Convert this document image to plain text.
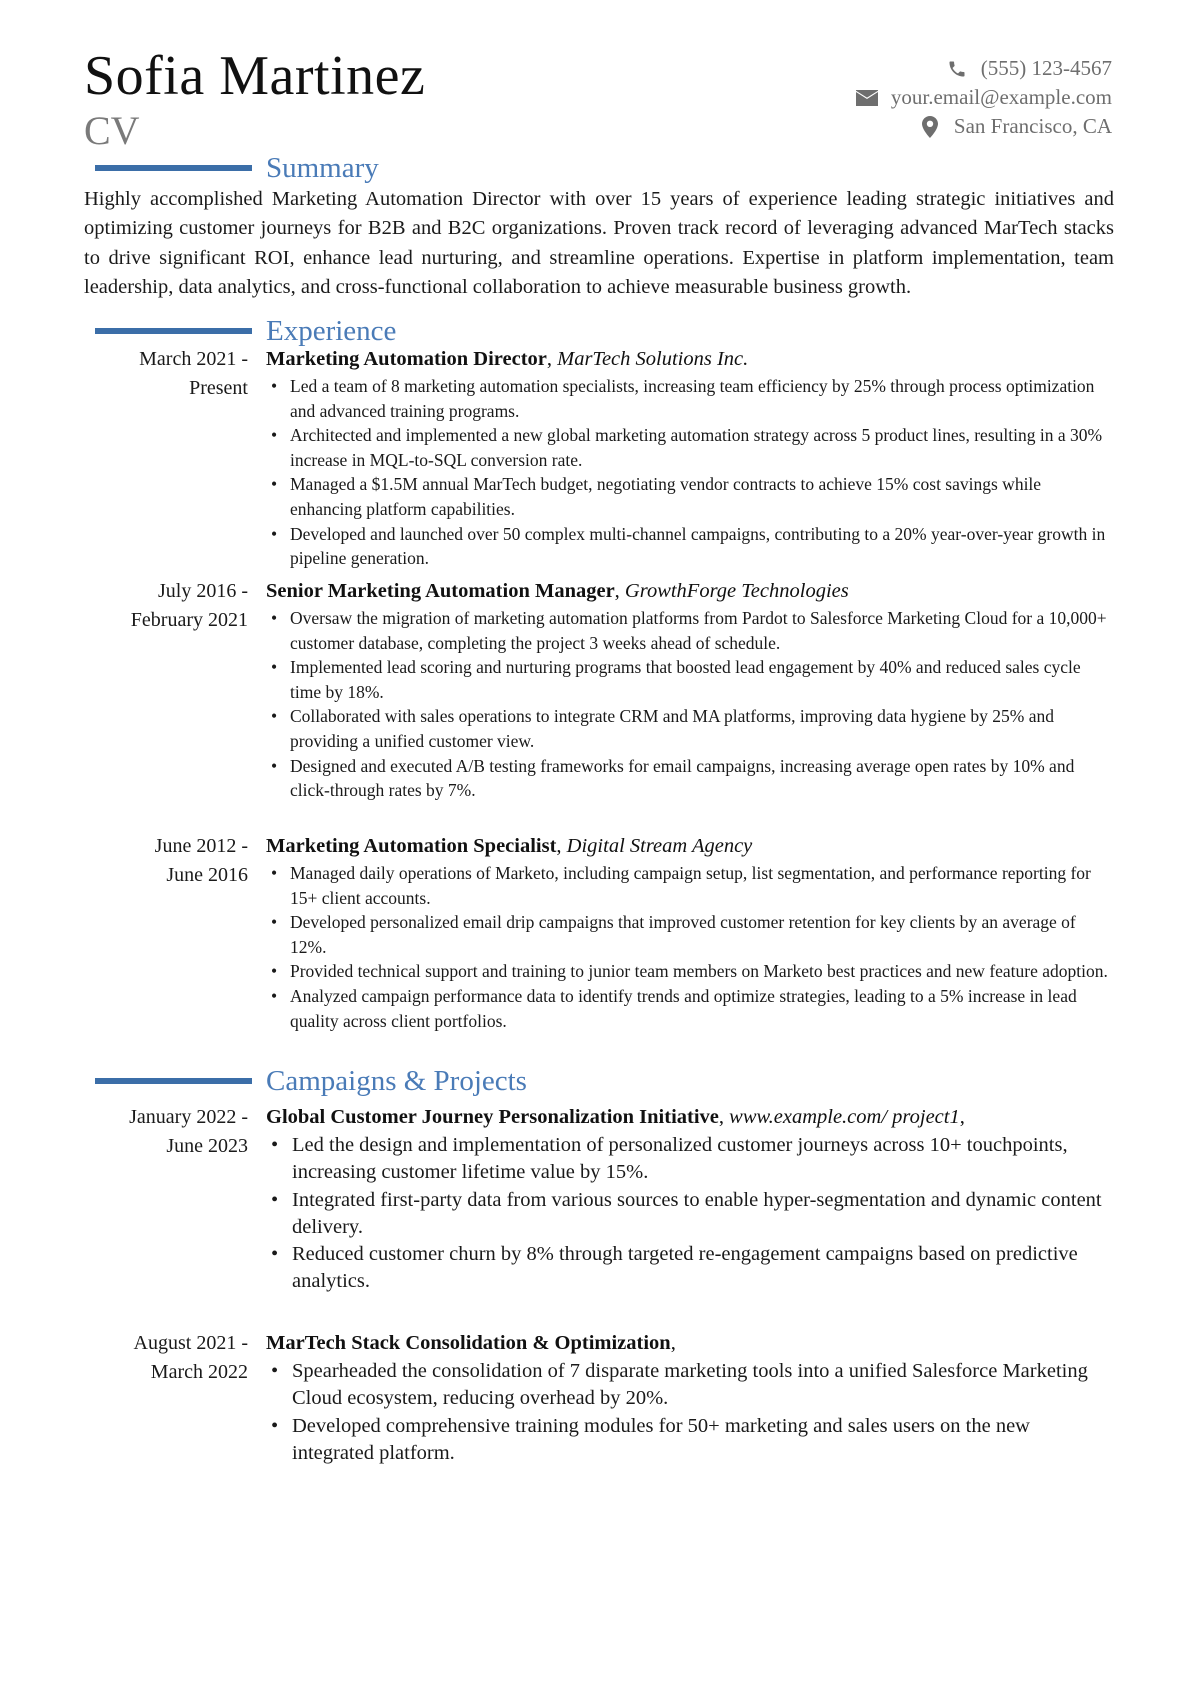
Sofia Martinez
CV
(555) 123-4567
your.email@example.com
San Francisco, CA
Summary
Highly accomplished Marketing Automation Director with over 15 years of experience leading strategic initiatives and optimizing customer journeys for B2B and B2C organizations. Proven track record of leveraging advanced MarTech stacks to drive significant ROI, enhance lead nurturing, and streamline operations. Expertise in platform implementation, team leadership, data analytics, and cross-functional collaboration to achieve measurable business growth.
Experience
March 2021 -
Present
Marketing Automation Director, MarTech Solutions Inc.
• Led a team of 8 marketing automation specialists, increasing team efficiency by 25% through process optimization and advanced training programs.
• Architected and implemented a new global marketing automation strategy across 5 product lines, resulting in a 30% increase in MQL-to-SQL conversion rate.
• Managed a $1.5M annual MarTech budget, negotiating vendor contracts to achieve 15% cost savings while enhancing platform capabilities.
• Developed and launched over 50 complex multi-channel campaigns, contributing to a 20% year-over-year growth in pipeline generation.
July 2016 -
February 2021
Senior Marketing Automation Manager, GrowthForge Technologies
• Oversaw the migration of marketing automation platforms from Pardot to Salesforce Marketing Cloud for a 10,000+ customer database, completing the project 3 weeks ahead of schedule.
• Implemented lead scoring and nurturing programs that boosted lead engagement by 40% and reduced sales cycle time by 18%.
• Collaborated with sales operations to integrate CRM and MA platforms, improving data hygiene by 25% and providing a unified customer view.
• Designed and executed A/B testing frameworks for email campaigns, increasing average open rates by 10% and click-through rates by 7%.
June 2012 -
June 2016
Marketing Automation Specialist, Digital Stream Agency
• Managed daily operations of Marketo, including campaign setup, list segmentation, and performance reporting for 15+ client accounts.
• Developed personalized email drip campaigns that improved customer retention for key clients by an average of 12%.
• Provided technical support and training to junior team members on Marketo best practices and new feature adoption.
• Analyzed campaign performance data to identify trends and optimize strategies, leading to a 5% increase in lead quality across client portfolios.
Campaigns & Projects
January 2022 -
June 2023
Global Customer Journey Personalization Initiative, www.example.com/ project1,
• Led the design and implementation of personalized customer journeys across 10+ touchpoints, increasing customer lifetime value by 15%.
• Integrated first-party data from various sources to enable hyper-segmentation and dynamic content delivery.
• Reduced customer churn by 8% through targeted re-engagement campaigns based on predictive analytics.
August 2021 -
March 2022
MarTech Stack Consolidation & Optimization,
• Spearheaded the consolidation of 7 disparate marketing tools into a unified Salesforce Marketing Cloud ecosystem, reducing overhead by 20%.
• Developed comprehensive training modules for 50+ marketing and sales users on the new integrated platform.
